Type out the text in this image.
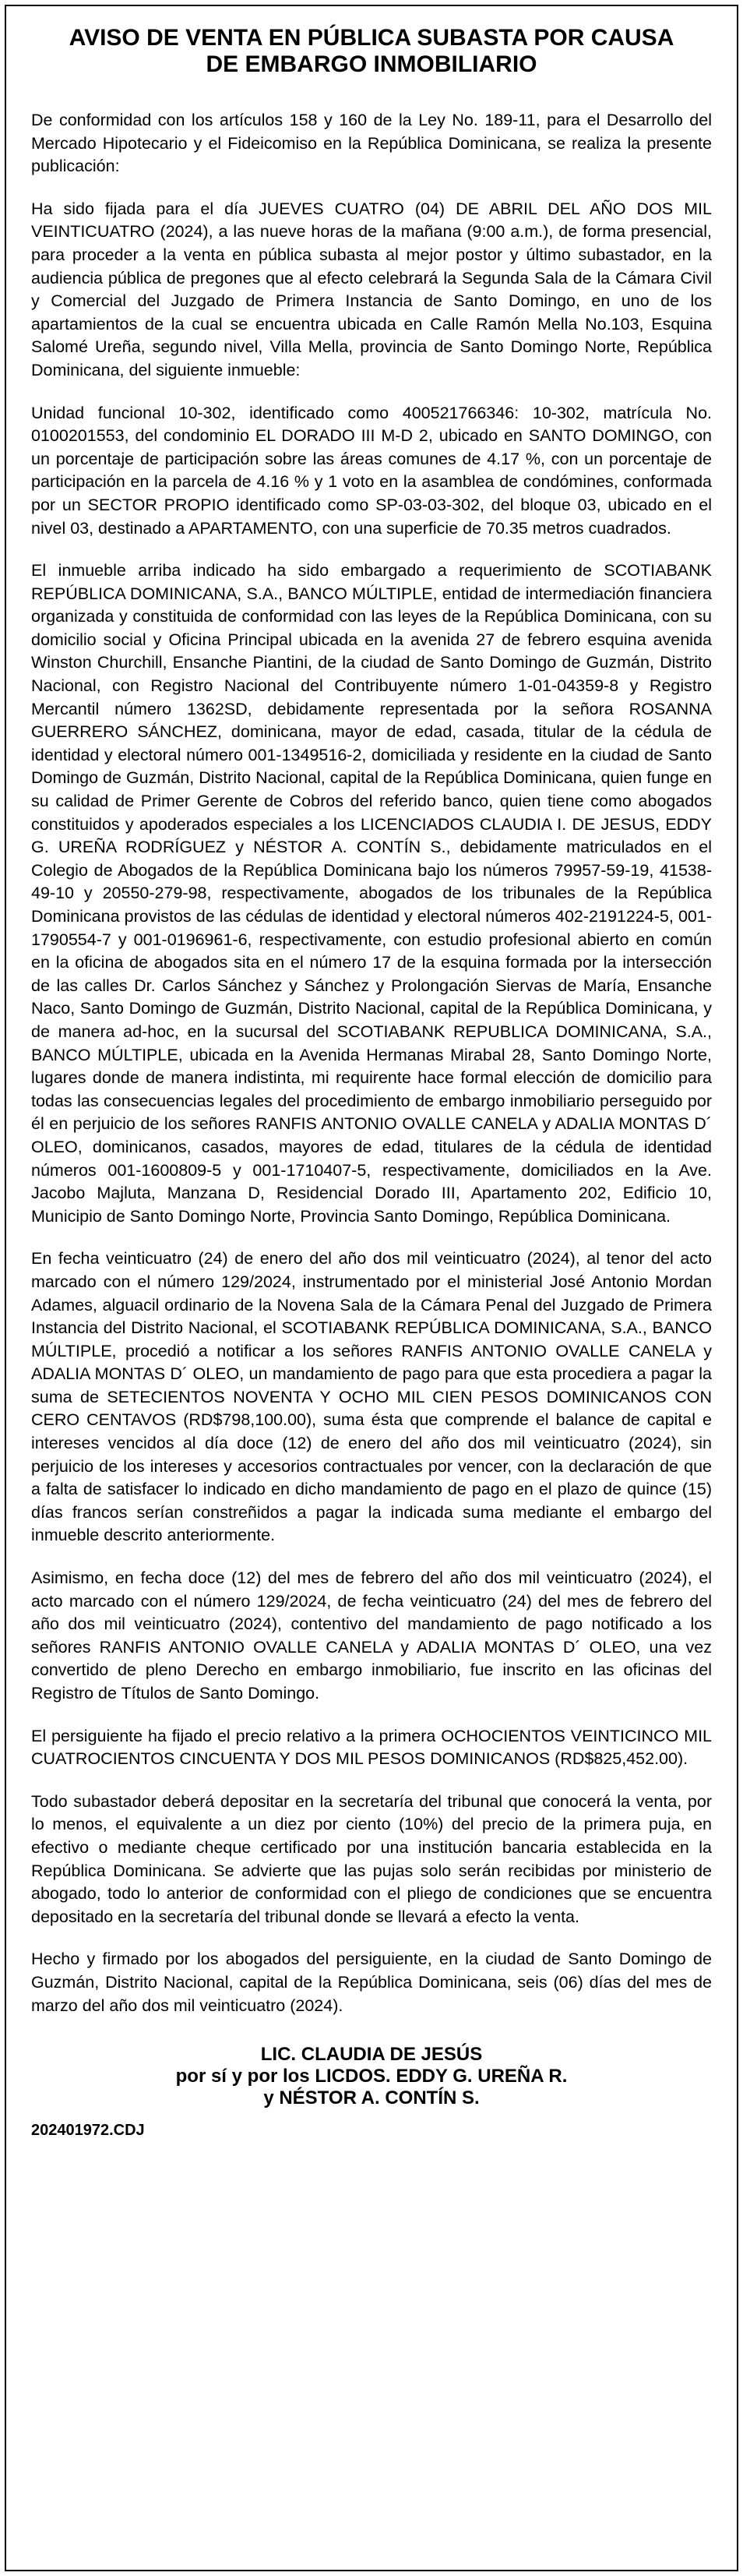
AVISO DE VENTA EN PÚBLICA SUBASTA POR CAUSA
DE EMBARGO INMOBILIARIO

De conformidad con los artículos 158 y 160 de la Ley No. 189-11, para el Desarrollo del Mercado Hipotecario y el Fideicomiso en la República Dominicana, se realiza la presente publicación:

Ha sido fijada para el día JUEVES CUATRO (04) DE ABRIL DEL AÑO DOS MIL VEINTICUATRO (2024), a las nueve horas de la mañana (9:00 a.m.), de forma presencial, para proceder a la venta en pública subasta al mejor postor y último subastador, en la audiencia pública de pregones que al efecto celebrará la Segunda Sala de la Cámara Civil y Comercial del Juzgado de Primera Instancia de Santo Domingo, en uno de los apartamientos de la cual se encuentra ubicada en Calle Ramón Mella No.103, Esquina Salomé Ureña, segundo nivel, Villa Mella, provincia de Santo Domingo Norte, República Dominicana, del siguiente inmueble:

Unidad funcional 10-302, identificado como 400521766346: 10-302, matrícula No. 0100201553, del condominio EL DORADO III M-D 2, ubicado en SANTO DOMINGO, con un porcentaje de participación sobre las áreas comunes de 4.17 %, con un porcentaje de participación en la parcela de 4.16 % y 1 voto en la asamblea de condómines, conformada por un SECTOR PROPIO identificado como SP-03-03-302, del bloque 03, ubicado en el nivel 03, destinado a APARTAMENTO, con una superficie de 70.35 metros cuadrados.

El inmueble arriba indicado ha sido embargado a requerimiento de SCOTIABANK REPÚBLICA DOMINICANA, S.A., BANCO MÚLTIPLE, entidad de intermediación financiera organizada y constituida de conformidad con las leyes de la República Dominicana, con su domicilio social y Oficina Principal ubicada en la avenida 27 de febrero esquina avenida Winston Churchill, Ensanche Piantini, de la ciudad de Santo Domingo de Guzmán, Distrito Nacional, con Registro Nacional del Contribuyente número 1-01-04359-8 y Registro Mercantil número 1362SD, debidamente representada por la señora ROSANNA GUERRERO SÁNCHEZ, dominicana, mayor de edad, casada, titular de la cédula de identidad y electoral número 001-1349516-2, domiciliada y residente en la ciudad de Santo Domingo de Guzmán, Distrito Nacional, capital de la República Dominicana, quien funge en su calidad de Primer Gerente de Cobros del referido banco, quien tiene como abogados constituidos y apoderados especiales a los LICENCIADOS CLAUDIA I. DE JESUS, EDDY G. UREÑA RODRÍGUEZ y NÉSTOR A. CONTÍN S., debidamente matriculados en el Colegio de Abogados de la República Dominicana bajo los números 79957-59-19, 41538-49-10 y 20550-279-98, respectivamente, abogados de los tribunales de la República Dominicana provistos de las cédulas de identidad y electoral números 402-2191224-5, 001-1790554-7 y 001-0196961-6, respectivamente, con estudio profesional abierto en común en la oficina de abogados sita en el número 17 de la esquina formada por la intersección de las calles Dr. Carlos Sánchez y Sánchez y Prolongación Siervas de María, Ensanche Naco, Santo Domingo de Guzmán, Distrito Nacional, capital de la República Dominicana, y de manera ad-hoc, en la sucursal del SCOTIABANK REPUBLICA DOMINICANA, S.A., BANCO MÚLTIPLE, ubicada en la Avenida Hermanas Mirabal 28, Santo Domingo Norte, lugares donde de manera indistinta, mi requirente hace formal elección de domicilio para todas las consecuencias legales del procedimiento de embargo inmobiliario perseguido por él en perjuicio de los señores RANFIS ANTONIO OVALLE CANELA y ADALIA MONTAS D´ OLEO, dominicanos, casados, mayores de edad, titulares de la cédula de identidad números 001-1600809-5 y 001-1710407-5, respectivamente, domiciliados en la Ave. Jacobo Majluta, Manzana D, Residencial Dorado III, Apartamento 202, Edificio 10, Municipio de Santo Domingo Norte, Provincia Santo Domingo, República Dominicana.

En fecha veinticuatro (24) de enero del año dos mil veinticuatro (2024), al tenor del acto marcado con el número 129/2024, instrumentado por el ministerial José Antonio Mordan Adames, alguacil ordinario de la Novena Sala de la Cámara Penal del Juzgado de Primera Instancia del Distrito Nacional, el SCOTIABANK REPÚBLICA DOMINICANA, S.A., BANCO MÚLTIPLE, procedió a notificar a los señores RANFIS ANTONIO OVALLE CANELA y ADALIA MONTAS D´ OLEO, un mandamiento de pago para que esta procediera a pagar la suma de SETECIENTOS NOVENTA Y OCHO MIL CIEN PESOS DOMINICANOS CON CERO CENTAVOS (RD$798,100.00), suma ésta que comprende el balance de capital e intereses vencidos al día doce (12) de enero del año dos mil veinticuatro (2024), sin perjuicio de los intereses y accesorios contractuales por vencer, con la declaración de que a falta de satisfacer lo indicado en dicho mandamiento de pago en el plazo de quince (15) días francos serían constreñidos a pagar la indicada suma mediante el embargo del inmueble descrito anteriormente.

Asimismo, en fecha doce (12) del mes de febrero del año dos mil veinticuatro (2024), el acto marcado con el número 129/2024, de fecha veinticuatro (24) del mes de febrero del año dos mil veinticuatro (2024), contentivo del mandamiento de pago notificado a los señores RANFIS ANTONIO OVALLE CANELA y ADALIA MONTAS D´ OLEO, una vez convertido de pleno Derecho en embargo inmobiliario, fue inscrito en las oficinas del Registro de Títulos de Santo Domingo.

El persiguiente ha fijado el precio relativo a la primera OCHOCIENTOS VEINTICINCO MIL CUATROCIENTOS CINCUENTA Y DOS MIL PESOS DOMINICANOS (RD$825,452.00).

Todo subastador deberá depositar en la secretaría del tribunal que conocerá la venta, por lo menos, el equivalente a un diez por ciento (10%) del precio de la primera puja, en efectivo o mediante cheque certificado por una institución bancaria establecida en la República Dominicana. Se advierte que las pujas solo serán recibidas por ministerio de abogado, todo lo anterior de conformidad con el pliego de condiciones que se encuentra depositado en la secretaría del tribunal donde se llevará a efecto la venta.

Hecho y firmado por los abogados del persiguiente, en la ciudad de Santo Domingo de Guzmán, Distrito Nacional, capital de la República Dominicana, seis (06) días del mes de marzo del año dos mil veinticuatro (2024).

LIC. CLAUDIA DE JESÚS
por sí y por los LICDOS. EDDY G. UREÑA R.
y NÉSTOR A. CONTÍN S.
202401972.CDJ
